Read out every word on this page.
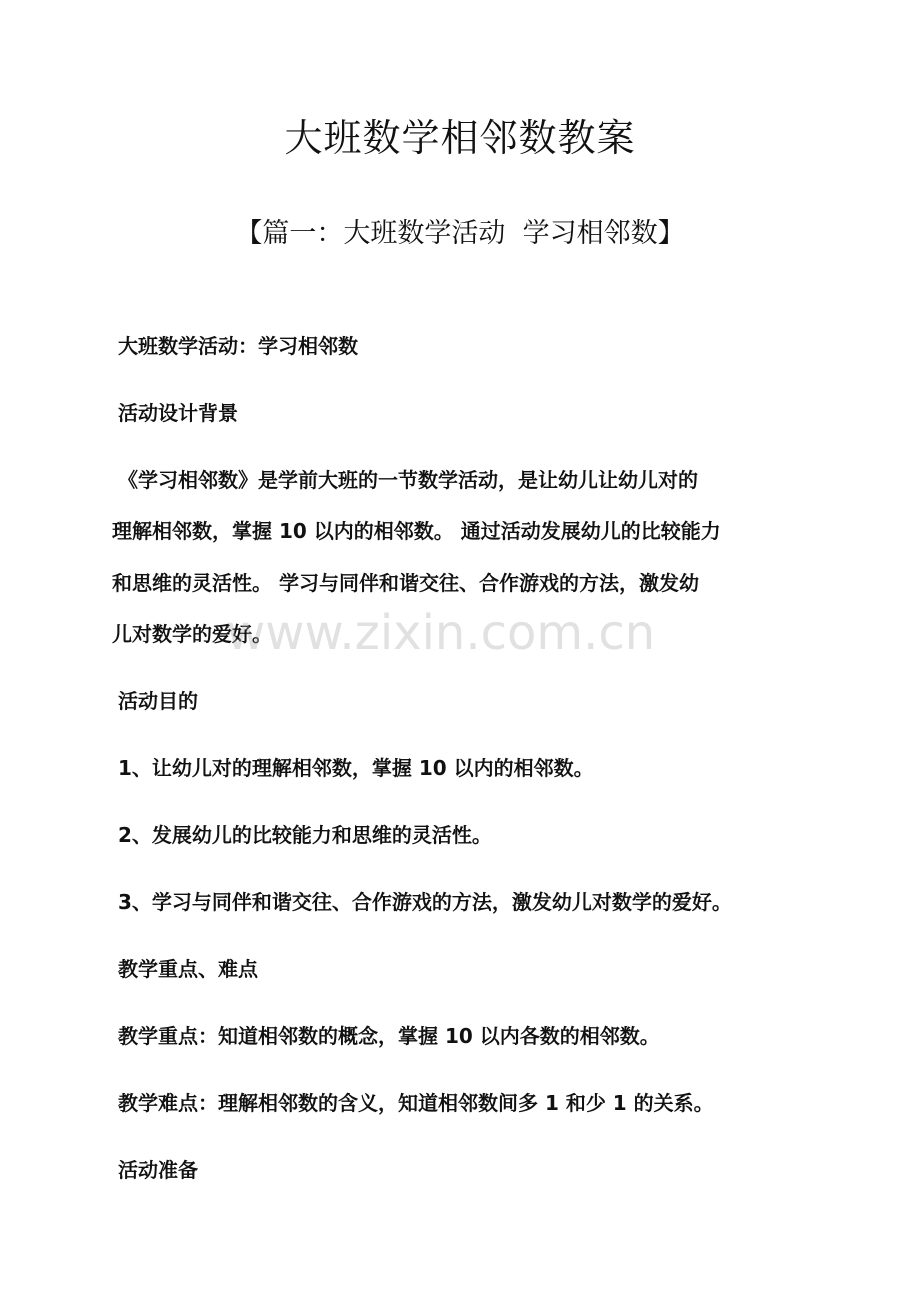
大班数学相邻数教案
【篇一：大班数学活动  学习相邻数】

大班数学活动：学习相邻数

活动设计背景

《学习相邻数》是学前大班的一节数学活动，是让幼儿让幼儿对的

理解相邻数，掌握 10 以内的相邻数。 通过活动发展幼儿的比较能力

和思维的灵活性。 学习与同伴和谐交往、合作游戏的方法，激发幼

儿对数学的爱好。

活动目的

1、让幼儿对的理解相邻数，掌握 10 以内的相邻数。

2、发展幼儿的比较能力和思维的灵活性。

3、学习与同伴和谐交往、合作游戏的方法，激发幼儿对数学的爱好。

教学重点、难点

教学重点：知道相邻数的概念，掌握 10 以内各数的相邻数。

教学难点：理解相邻数的含义，知道相邻数间多 1 和少 1 的关系。

活动准备

www.zixin.com.cn
